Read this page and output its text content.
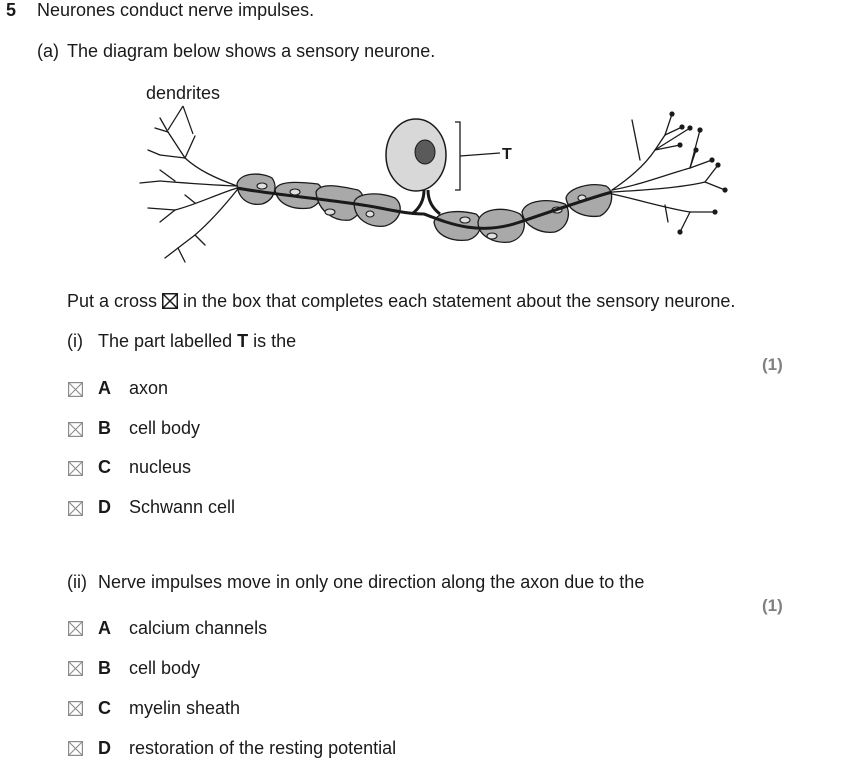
5 Neurones conduct nerve impulses.
(a) The diagram below shows a sensory neurone.
dendrites
T
Put a cross ☒ in the box that completes each statement about the sensory neurone.
(i) The part labelled T is the
(1)
A axon
B cell body
C nucleus
D Schwann cell
(ii) Nerve impulses move in only one direction along the axon due to the
(1)
A calcium channels
B cell body
C myelin sheath
D restoration of the resting potential
